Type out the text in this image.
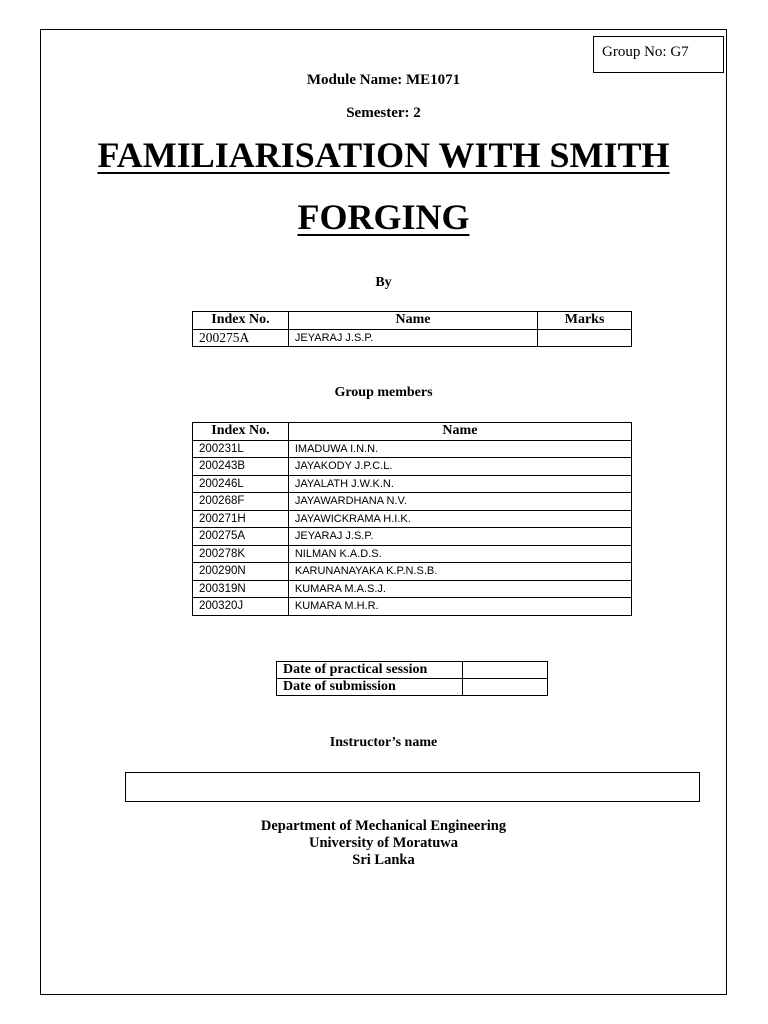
Group No: G7
Module Name: ME1071
Semester: 2
FAMILIARISATION WITH SMITH
FORGING
By
Index No.	Name	Marks
200275A	JEYARAJ J.S.P.	
Group members
Index No.	Name
200231L	IMADUWA I.N.N.
200243B	JAYAKODY J.P.C.L.
200246L	JAYALATH J.W.K.N.
200268F	JAYAWARDHANA N.V.
200271H	JAYAWICKRAMA H.I.K.
200275A	JEYARAJ J.S.P.
200278K	NILMAN K.A.D.S.
200290N	KARUNANAYAKA K.P.N.S.B.
200319N	KUMARA M.A.S.J.
200320J	KUMARA M.H.R.
Date of practical session	
Date of submission	
Instructor’s name
Department of Mechanical Engineering
University of Moratuwa
Sri Lanka
